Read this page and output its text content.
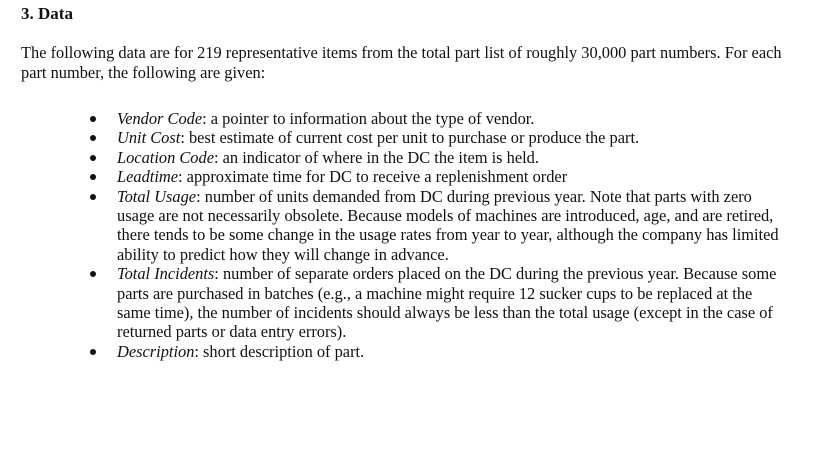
3. Data

The following data are for 219 representative items from the total part list of roughly 30,000 part numbers. For each part number, the following are given:

Vendor Code: a pointer to information about the type of vendor.
Unit Cost: best estimate of current cost per unit to purchase or produce the part.
Location Code: an indicator of where in the DC the item is held.
Leadtime: approximate time for DC to receive a replenishment order
Total Usage: number of units demanded from DC during previous year. Note that parts with zero usage are not necessarily obsolete. Because models of machines are introduced, age, and are retired, there tends to be some change in the usage rates from year to year, although the company has limited ability to predict how they will change in advance.
Total Incidents: number of separate orders placed on the DC during the previous year. Because some parts are purchased in batches (e.g., a machine might require 12 sucker cups to be replaced at the same time), the number of incidents should always be less than the total usage (except in the case of returned parts or data entry errors).
Description: short description of part.
